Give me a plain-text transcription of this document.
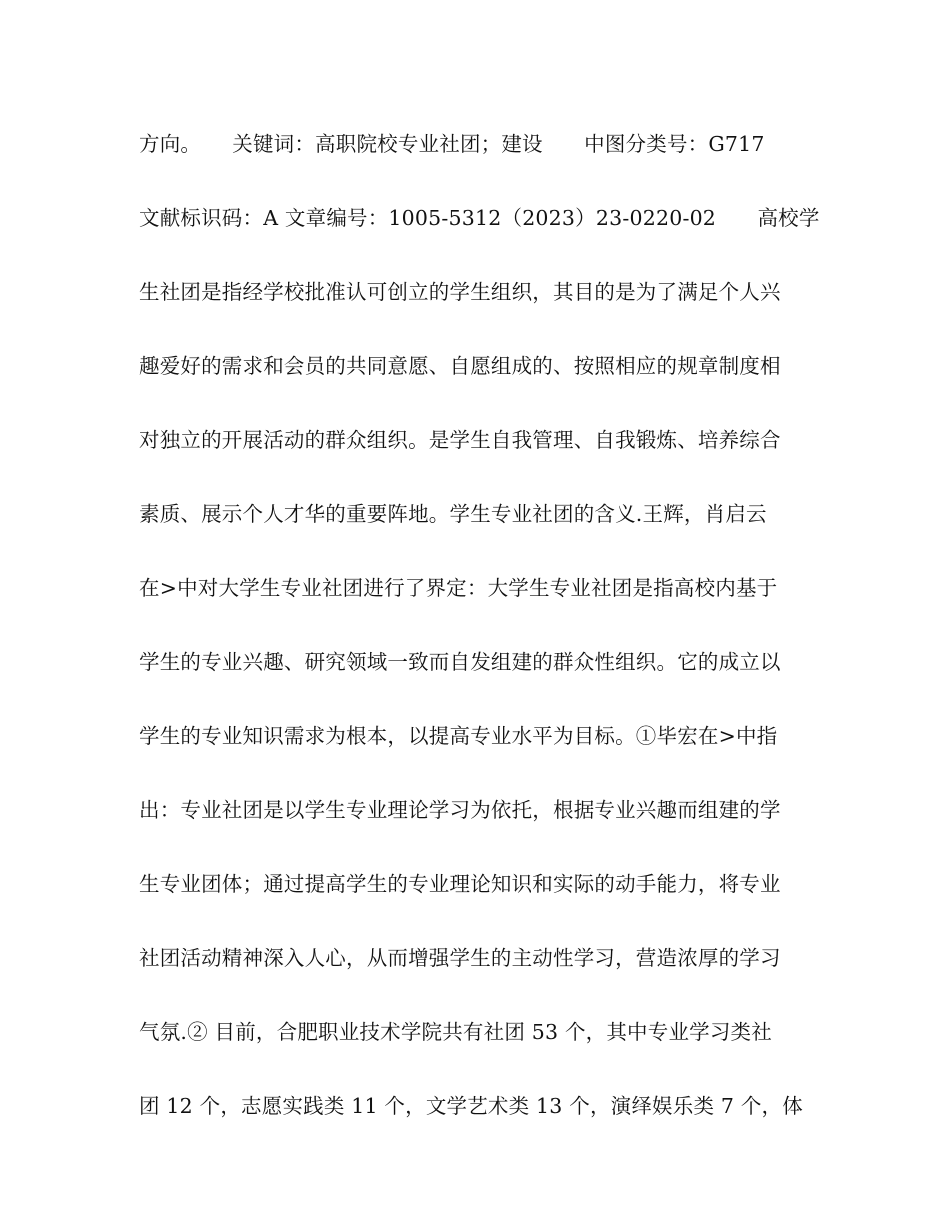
方向。　　关键词：高职院校专业社团；建设　　中图分类号：G717
文献标识码：A 文章编号：1005-5312（2023）23-0220-02　　高校学
生社团是指经学校批准认可创立的学生组织，其目的是为了满足个人兴
趣爱好的需求和会员的共同意愿、自愿组成的、按照相应的规章制度相
对独立的开展活动的群众组织。是学生自我管理、自我锻炼、培养综合
素质、展示个人才华的重要阵地。学生专业社团的含义.王辉，肖启云
在>中对大学生专业社团进行了界定：大学生专业社团是指高校内基于
学生的专业兴趣、研究领域一致而自发组建的群众性组织。它的成立以
学生的专业知识需求为根本，以提高专业水平为目标。①毕宏在>中指
出：专业社团是以学生专业理论学习为依托，根据专业兴趣而组建的学
生专业团体；通过提高学生的专业理论知识和实际的动手能力，将专业
社团活动精神深入人心，从而增强学生的主动性学习，营造浓厚的学习
气氛.② 目前，合肥职业技术学院共有社团 53 个，其中专业学习类社
团 12 个，志愿实践类 11 个，文学艺术类 13 个，演绎娱乐类 7 个，体
